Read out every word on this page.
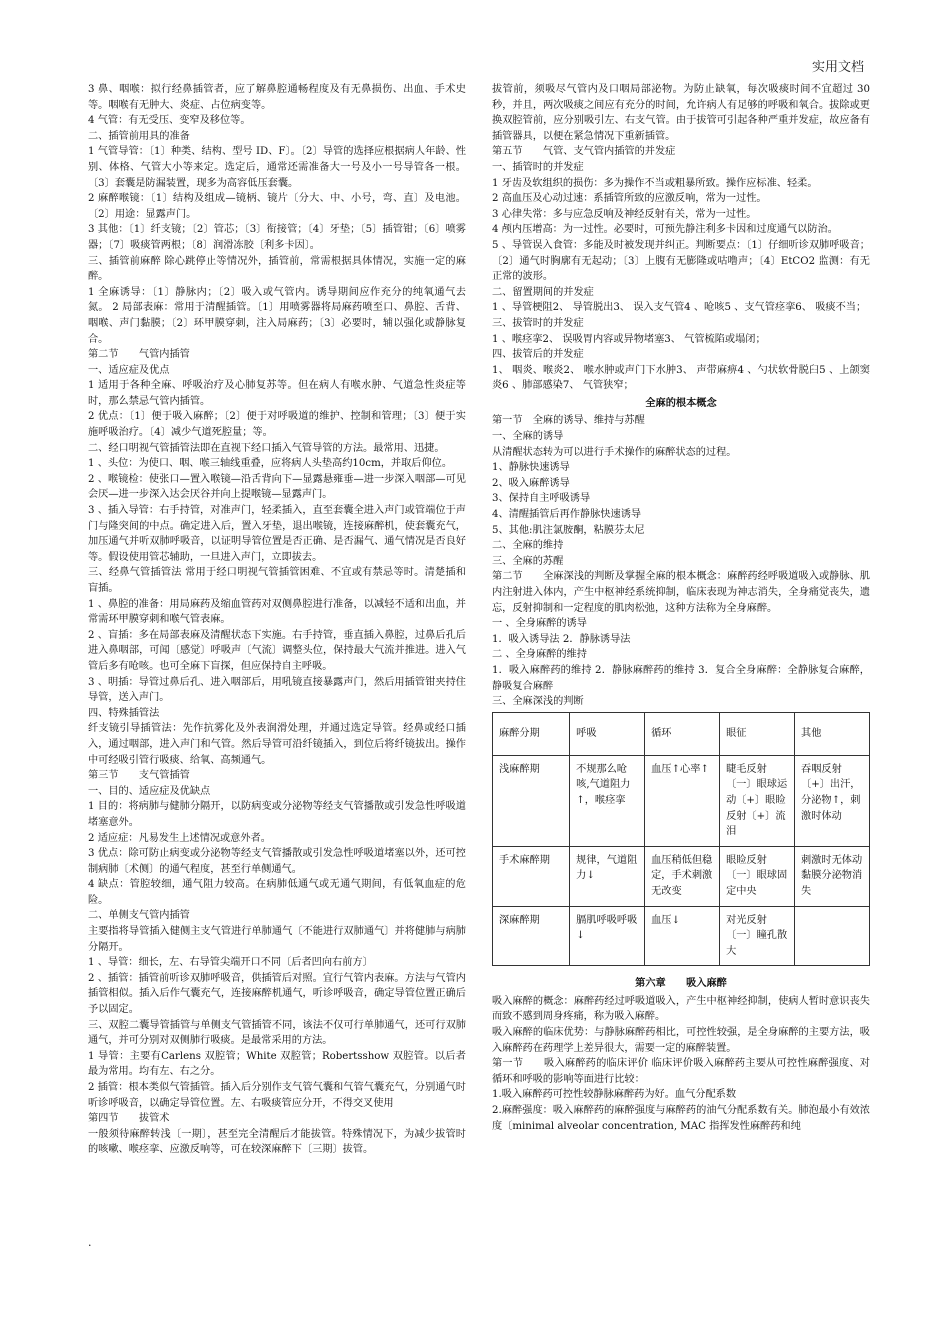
实用文档

3 鼻、咽喉：拟行经鼻插管者，应了解鼻腔通畅程度及有无鼻损伤、出血、手术史等。咽喉有无肿大、炎症、占位病变等。

4 气管：有无受压、变窄及移位等。

二、插管前用具的准备

1 气管导管：〔1〕种类、结构、型号 ID、F〕。〔2〕导管的选择应根据病人年龄、性别、体格、气管大小等来定。选定后，通常还需准备大一号及小一号导管各一根。〔3〕套囊是防漏装置，现多为高容低压套囊。

2 麻醉喉镜：〔1〕结构及组成—镜柄、镜片〔分大、中、小号，弯、直〕及电池。〔2〕用途：显露声门。

3 其他：〔1〕纤支镜；〔2〕管芯；〔3〕衔接管；〔4〕牙垫；〔5〕插管钳；〔6〕喷雾器；〔7〕吸痰管两根；〔8〕润滑冻胶〔利多卡因〕。

三、插管前麻醉 除心跳停止等情况外，插管前，常需根据具体情况，实施一定的麻醉。

1 全麻诱导：〔1〕静脉内；〔2〕吸入或气管内。诱导期间应作充分的纯氧通气去氮。 2 局部表麻：常用于清醒插管。〔1〕用喷雾器将局麻药喷至口、鼻腔、舌背、咽喉、声门黏膜；〔2〕环甲膜穿刺，注入局麻药；〔3〕必要时，辅以强化或静脉复合。

第二节　　气管内插管

一、适应症及优点

1 适用于各种全麻、呼吸治疗及心肺复苏等。但在病人有喉水肿、气道急性炎症等时，那么禁忌气管内插管。

2 优点：〔1〕便于吸入麻醉；〔2〕便于对呼吸道的维护、控制和管理；〔3〕便于实施呼吸治疗。〔4〕减少气道死腔量；等。

二、经口明视气管插管法即在直视下经口插入气管导管的方法。最常用、迅捷。

1 、头位：为使口、咽、喉三轴线重叠，应将病人头垫高约10cm，并取后仰位。

2 、喉镜检：使张口—置入喉镜—沿舌背向下—显露悬雍垂—进一步深入咽部—可见会厌—进一步深入达会厌谷并向上提喉镜—显露声门。

3 、插入导管：右手持管，对准声门，轻柔插入，直至套囊全进入声门或管端位于声门与隆突间的中点。确定进入后，置入牙垫，退出喉镜，连接麻醉机，使套囊充气，加压通气并听双肺呼吸音，以证明导管位置是否正确、是否漏气、通气情况是否良好等。假设使用管芯辅助，一旦进入声门，立即拔去。

三、经鼻气管插管法 常用于经口明视气管插管困难、不宜或有禁忌等时。清楚插和盲插。

1 、鼻腔的准备：用局麻药及缩血管药对双侧鼻腔进行准备，以减轻不适和出血，并常需环甲膜穿刺和喉气管表麻。

2 、盲插：多在局部表麻及清醒状态下实施。右手持管，垂直插入鼻腔，过鼻后孔后进入鼻咽部，可闻〔感觉〕呼吸声〔气流〕调整头位，保持最大气流并推进。进入气管后多有呛咳。也可全麻下盲探，但应保持自主呼吸。

3 、明插：导管过鼻后孔、进入咽部后，用吼镜直接暴露声门，然后用插管钳夹持住导管，送入声门。

四、特殊插管法

纤支镜引导插管法：先作抗雾化及外表润滑处理，并通过选定导管。经鼻或经口插入，通过咽部，进入声门和气管。然后导管可沿纤镜插入，到位后将纤镜拔出。操作中可经吸引管行吸痰、给氧、高频通气。

第三节　　支气管插管

一、目的、适应症及优缺点

1 目的：将病肺与健肺分隔开，以防病变或分泌物等经支气管播散或引发急性呼吸道堵塞意外。

2 适应症：凡易发生上述情况或意外者。

3 优点：除可防止病变或分泌物等经支气管播散或引发急性呼吸道堵塞以外，还可控制病肺〔术侧〕的通气程度，甚至行单侧通气。

4 缺点：管腔较细，通气阻力较高。在病肺低通气或无通气期间，有低氧血症的危险。

二、单侧支气管内插管

主要指将导管插入健侧主支气管进行单肺通气〔不能进行双肺通气〕并将健肺与病肺分隔开。

1 、导管：细长，左、右导管尖端开口不同〔后者凹向右前方〕

2 、插管：插管前听诊双肺呼吸音，供插管后对照。宜行气管内表麻。方法与气管内插管相似。插入后作气囊充气，连接麻醉机通气，听诊呼吸音，确定导管位置正确后予以固定。

三、双腔二囊导管插管与单侧支气管插管不同，该法不仅可行单肺通气，还可行双肺通气，并可分别对双侧肺行吸痰。是最常采用的方法。

1 导管：主要有Carlens 双腔管；White 双腔管；Robertsshow 双腔管。以后者最为常用。均有左、右之分。

2 插管：根本类似气管插管。插入后分别作支气管气囊和气管气囊充气，分别通气时听诊呼吸音，以确定导管位置。左、右吸痰管应分开，不得交叉使用

第四节　　拔管术

一般须待麻醉转浅〔一期〕，甚至完全清醒后才能拔管。特殊情况下，为减少拔管时的咳嗽、喉痉挛、应激反响等，可在较深麻醉下〔三期〕拔管。

拔管前，须吸尽气管内及口咽局部泌物。为防止缺氧，每次吸痰时间不宜超过 30 秒，并且，两次吸痰之间应有充分的时间，允许病人有足够的呼吸和氧合。拔除或更换双腔管前，应分别吸引左、右支气管。由于拔管可引起各种严重并发症，故应备有插管器具，以便在紧急情况下重新插管。

第五节　　气管、支气管内插管的并发症

一、插管时的并发症

1 牙齿及软组织的损伤：多为操作不当或粗暴所致。操作应标准、轻柔。

2 高血压及心动过速：系插管所致的应激反响，常为一过性。

3 心律失常：多与应急反响及神经反射有关，常为一过性。

4 颅内压增高：为一过性。必要时，可预先静注利多卡因和过度通气以防治。

5 、导管误入食管：多能及时被发现并纠正。判断要点：〔1〕仔细听诊双肺呼吸音；〔2〕通气时胸廓有无起动；〔3〕上腹有无膨隆或咕噜声；〔4〕EtCO2 监测：有无正常的波形。

二、留置期间的并发症

1 、导管梗阻2、 导管脱出3、 误入支气管4 、呛咳5 、支气管痉挛6、 吸痰不当；

三、拔管时的并发症

1 、喉痉挛2、 误吸胃内容或异物堵塞3、 气管梳陷或塌闭；

四、拔管后的并发症

1、 咽炎、喉炎2、 喉水肿或声门下水肿3、 声带麻痹4 、勺状软骨脱臼5 、上颌窦炎6 、肺部感染7、 气管狭窄；

全麻的根本概念

第一节　全麻的诱导、维持与苏醒

一、全麻的诱导

从清醒状态转为可以进行手术操作的麻醉状态的过程。

1、静脉快速诱导

2、吸入麻醉诱导

3、保持自主呼吸诱导

4、清醒插管后再作静脉快速诱导

5、其他:肌注氯胺酮，粘膜芬太尼

二、全麻的维持

三、全麻的苏醒

第二节　　全麻深浅的判断及掌握全麻的根本概念：麻醉药经呼吸道吸入或静脉、肌内注射进入体内，产生中枢神经系统抑制，临床表现为神志消失，全身痛觉丧失，遗忘，反射抑制和一定程度的肌肉松弛，这种方法称为全身麻醉。

一 、全身麻醉的诱导

1．吸入诱导法 2．静脉诱导法

二 、全身麻醉的维持

1．吸入麻醉药的维持 2．静脉麻醉药的维持 3．复合全身麻醉：全静脉复合麻醉，静吸复合麻醉

三、全麻深浅的判断

麻醉分期	呼吸	循环	眼征	其他
浅麻醉期	不规那么呛咳,气道阻力↑，喉痉挛	血压↑心率↑	睫毛反射〔一〕眼球运动〔+〕眼睑反射〔+〕流泪	吞咽反射〔+〕出汗，分泌物↑，刺激时体动
手术麻醉期	规律，气道阻力↓	血压稍低但稳定，手术刺激无改变	眼睑反射〔一〕眼球固定中央	刺激时无体动黏膜分泌物消失
深麻醉期	膈肌呼吸呼吸↓	血压↓	对光反射〔一〕瞳孔散大	
第六章　　吸入麻醉

吸入麻醉的概念：麻醉药经过呼吸道吸入，产生中枢神经抑制，使病人暂时意识丧失而致不感到周身疼痛，称为吸入麻醉。

吸入麻醉的临床优势：与静脉麻醉药相比，可控性较强，是全身麻醉的主要方法，吸入麻醉药在药理学上差异很大，需要一定的麻醉装置。

第一节　　吸入麻醉药的临床评价 临床评价吸入麻醉药主要从可控性麻醉强度、对循环和呼吸的影响等面进行比较：

1.吸入麻醉药可控性较静脉麻醉药为好。血气分配系数

2.麻醉强度：吸入麻醉药的麻醉强度与麻醉药的油气分配系数有关。肺泡最小有效浓度〔minimal alveolar concentration, MAC 指挥发性麻醉药和纯

.
